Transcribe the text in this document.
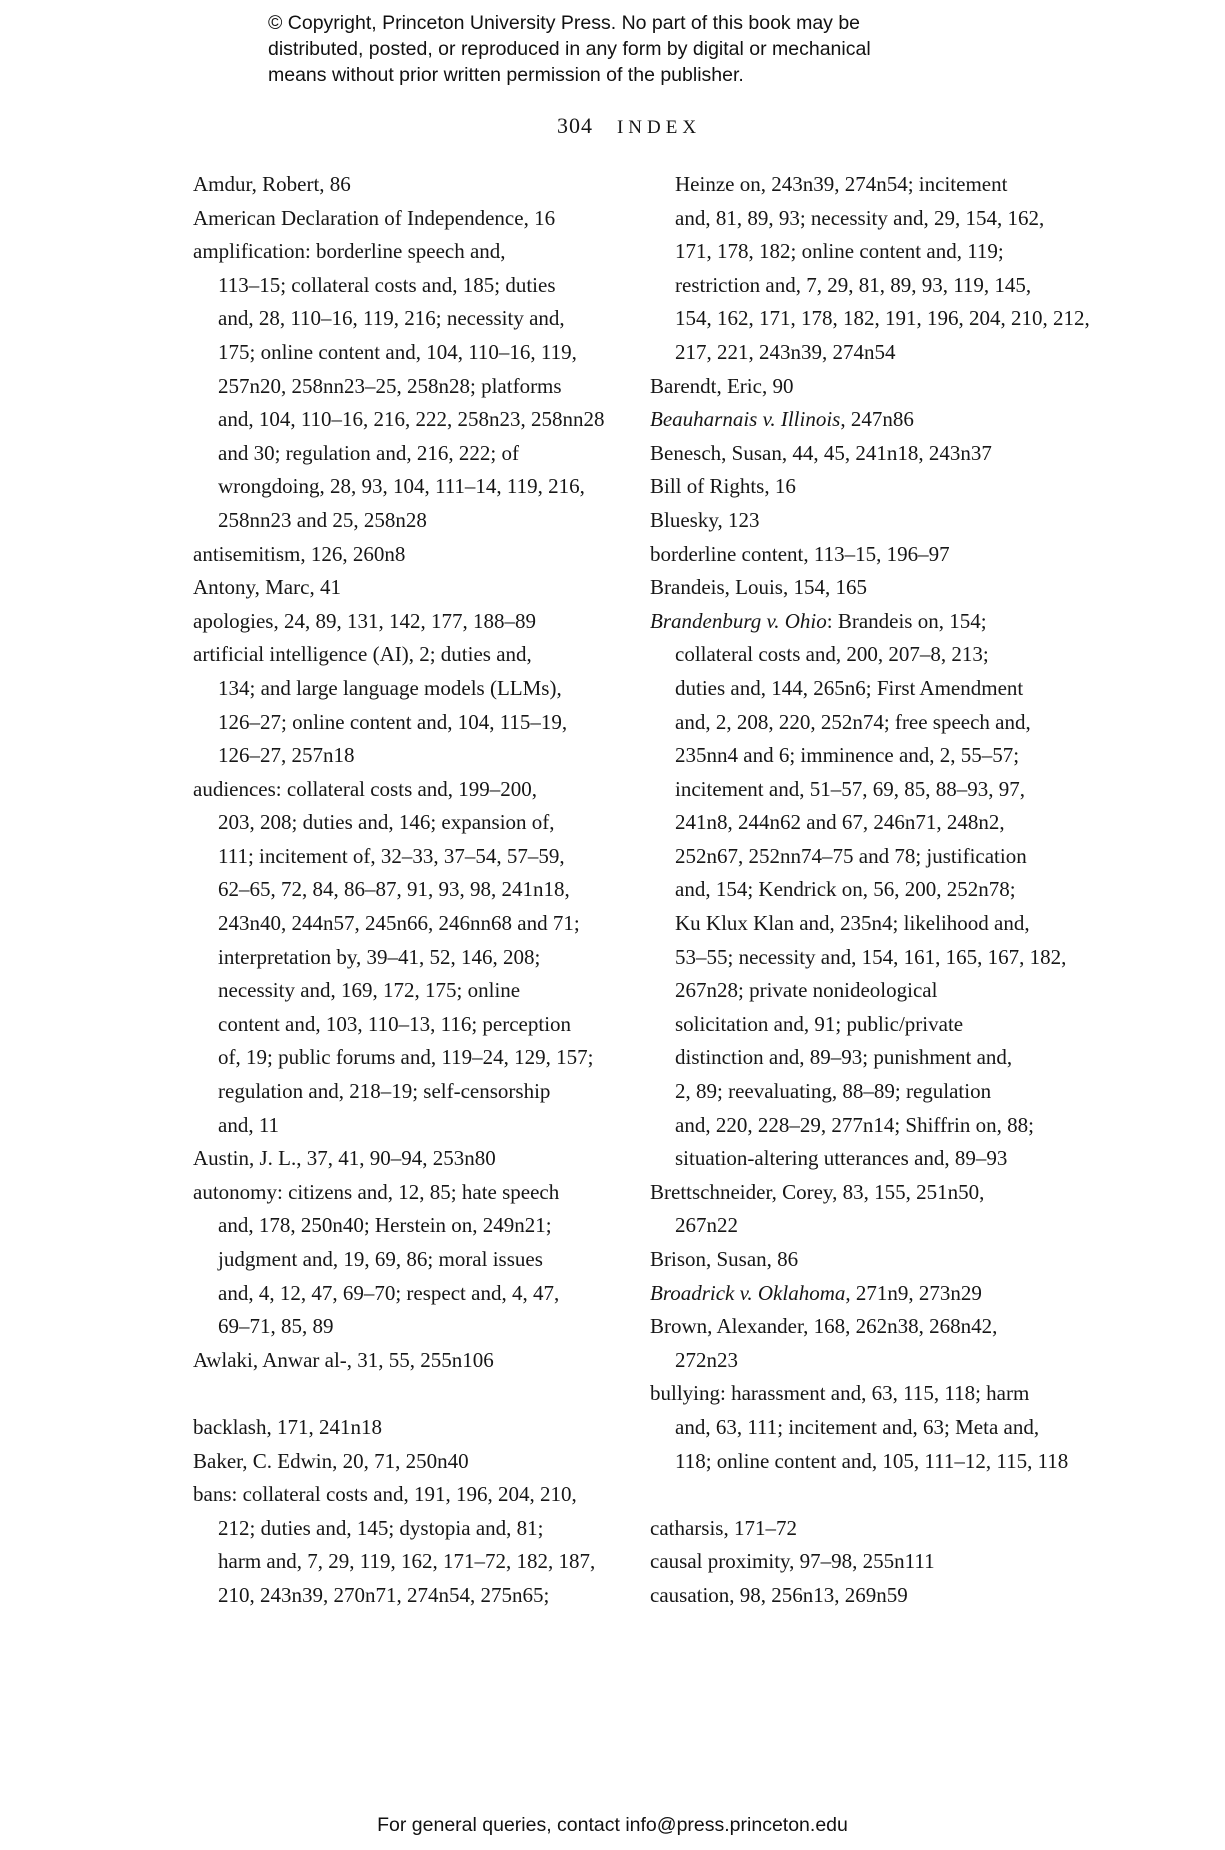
© Copyright, Princeton University Press. No part of this book may be
distributed, posted, or reproduced in any form by digital or mechanical
means without prior written permission of the publisher.
304 INDEX
Amdur, Robert, 86
American Declaration of Independence, 16
amplification: borderline speech and,
113–15; collateral costs and, 185; duties
and, 28, 110–16, 119, 216; necessity and,
175; online content and, 104, 110–16, 119,
257n20, 258nn23–25, 258n28; platforms
and, 104, 110–16, 216, 222, 258n23, 258nn28
and 30; regulation and, 216, 222; of
wrongdoing, 28, 93, 104, 111–14, 119, 216,
258nn23 and 25, 258n28
antisemitism, 126, 260n8
Antony, Marc, 41
apologies, 24, 89, 131, 142, 177, 188–89
artificial intelligence (AI), 2; duties and,
134; and large language models (LLMs),
126–27; online content and, 104, 115–19,
126–27, 257n18
audiences: collateral costs and, 199–200,
203, 208; duties and, 146; expansion of,
111; incitement of, 32–33, 37–54, 57–59,
62–65, 72, 84, 86–87, 91, 93, 98, 241n18,
243n40, 244n57, 245n66, 246nn68 and 71;
interpretation by, 39–41, 52, 146, 208;
necessity and, 169, 172, 175; online
content and, 103, 110–13, 116; perception
of, 19; public forums and, 119–24, 129, 157;
regulation and, 218–19; self-censorship
and, 11
Austin, J. L., 37, 41, 90–94, 253n80
autonomy: citizens and, 12, 85; hate speech
and, 178, 250n40; Herstein on, 249n21;
judgment and, 19, 69, 86; moral issues
and, 4, 12, 47, 69–70; respect and, 4, 47,
69–71, 85, 89
Awlaki, Anwar al-, 31, 55, 255n106
backlash, 171, 241n18
Baker, C. Edwin, 20, 71, 250n40
bans: collateral costs and, 191, 196, 204, 210,
212; duties and, 145; dystopia and, 81;
harm and, 7, 29, 119, 162, 171–72, 182, 187,
210, 243n39, 270n71, 274n54, 275n65;
Heinze on, 243n39, 274n54; incitement
and, 81, 89, 93; necessity and, 29, 154, 162,
171, 178, 182; online content and, 119;
restriction and, 7, 29, 81, 89, 93, 119, 145,
154, 162, 171, 178, 182, 191, 196, 204, 210, 212,
217, 221, 243n39, 274n54
Barendt, Eric, 90
Beauharnais v. Illinois, 247n86
Benesch, Susan, 44, 45, 241n18, 243n37
Bill of Rights, 16
Bluesky, 123
borderline content, 113–15, 196–97
Brandeis, Louis, 154, 165
Brandenburg v. Ohio: Brandeis on, 154;
collateral costs and, 200, 207–8, 213;
duties and, 144, 265n6; First Amendment
and, 2, 208, 220, 252n74; free speech and,
235nn4 and 6; imminence and, 2, 55–57;
incitement and, 51–57, 69, 85, 88–93, 97,
241n8, 244n62 and 67, 246n71, 248n2,
252n67, 252nn74–75 and 78; justification
and, 154; Kendrick on, 56, 200, 252n78;
Ku Klux Klan and, 235n4; likelihood and,
53–55; necessity and, 154, 161, 165, 167, 182,
267n28; private nonideological
solicitation and, 91; public/private
distinction and, 89–93; punishment and,
2, 89; reevaluating, 88–89; regulation
and, 220, 228–29, 277n14; Shiffrin on, 88;
situation-altering utterances and, 89–93
Brettschneider, Corey, 83, 155, 251n50,
267n22
Brison, Susan, 86
Broadrick v. Oklahoma, 271n9, 273n29
Brown, Alexander, 168, 262n38, 268n42,
272n23
bullying: harassment and, 63, 115, 118; harm
and, 63, 111; incitement and, 63; Meta and,
118; online content and, 105, 111–12, 115, 118
catharsis, 171–72
causal proximity, 97–98, 255n111
causation, 98, 256n13, 269n59
For general queries, contact info@press.princeton.edu
